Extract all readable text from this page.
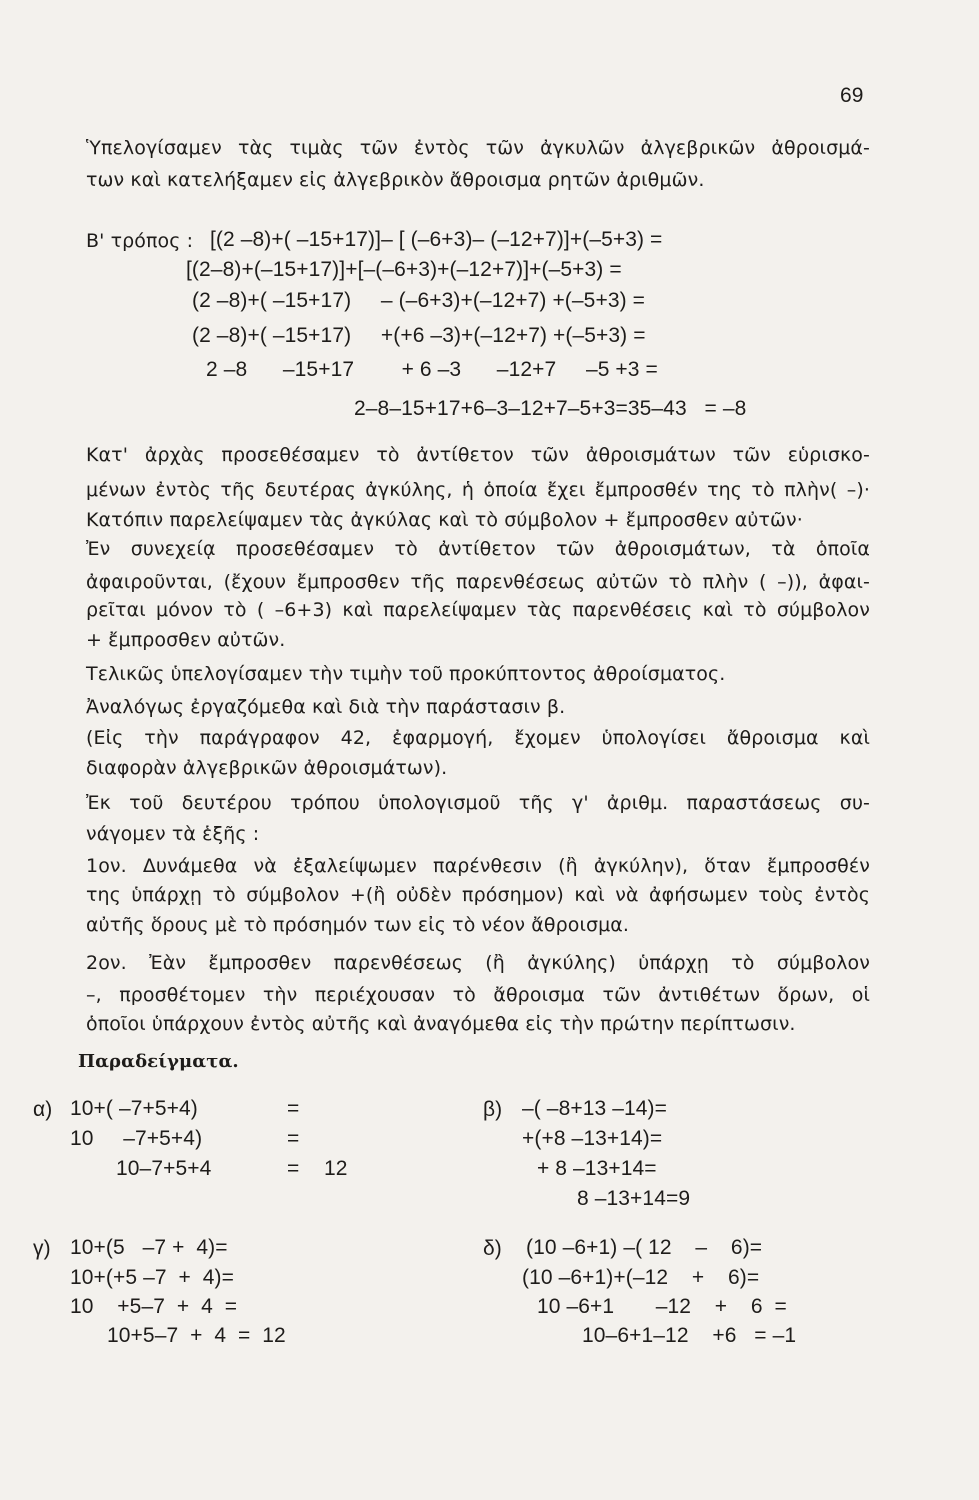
69
Ὑπελογίσαμεν τὰς τιμὰς τῶν ἐντὸς τῶν ἀγκυλῶν ἀλγεβρικῶν ἀθροισμά-
των καὶ κατελήξαμεν εἰς ἀλγεβρικὸν ἄθροισμα ρητῶν ἀριθμῶν.
Β' τρόπος : [(2 –8)+( –15+17)]– [ (–6+3)– (–12+7)]+(–5+3) =
[(2–8)+(–15+17)]+[–(–6+3)+(–12+7)]+(–5+3) =
(2 –8)+( –15+17)     – (–6+3)+(–12+7) +(–5+3) =
(2 –8)+( –15+17)     +(+6 –3)+(–12+7) +(–5+3) =
2 –8      –15+17        + 6 –3      –12+7     –5 +3 =
2–8–15+17+6–3–12+7–5+3=35–43   = –8
Κατ' ἀρχὰς προσεθέσαμεν τὸ ἀντίθετον τῶν ἀθροισμάτων τῶν εὑρισκο-
μένων ἐντὸς τῆς δευτέρας ἀγκύλης, ἡ ὁποία ἔχει ἔμπροσθέν της τὸ πλὴν( –)·
Κατόπιν παρελείψαμεν τὰς ἀγκύλας καὶ τὸ σύμβολον + ἔμπροσθεν αὐτῶν·
Ἐν συνεχείᾳ προσεθέσαμεν τὸ ἀντίθετον τῶν ἀθροισμάτων, τὰ ὁποῖα
ἀφαιροῦνται, (ἔχουν ἔμπροσθεν τῆς παρενθέσεως αὐτῶν τὸ πλὴν ( –)), ἀφαι-
ρεῖται μόνον τὸ ( –6+3) καὶ παρελείψαμεν τὰς παρενθέσεις καὶ τὸ σύμβολον
+ ἔμπροσθεν αὐτῶν.
Τελικῶς ὑπελογίσαμεν τὴν τιμὴν τοῦ προκύπτοντος ἀθροίσματος.
Ἀναλόγως ἐργαζόμεθα καὶ διὰ τὴν παράστασιν β.
(Εἰς τὴν παράγραφον 42, ἐφαρμογή, ἔχομεν ὑπολογίσει ἄθροισμα καὶ
διαφορὰν ἀλγεβρικῶν ἀθροισμάτων).
Ἐκ τοῦ δευτέρου τρόπου ὑπολογισμοῦ τῆς γ' ἀριθμ. παραστάσεως συ-
νάγομεν τὰ ἑξῆς :
1ον. Δυνάμεθα νὰ ἐξαλείψωμεν παρένθεσιν (ἢ ἀγκύλην), ὅταν ἔμπροσθέν
της ὑπάρχῃ τὸ σύμβολον +(ἢ οὐδὲν πρόσημον) καὶ νὰ ἀφήσωμεν τοὺς ἐντὸς
αὐτῆς ὅρους μὲ τὸ πρόσημόν των εἰς τὸ νέον ἄθροισμα.
2ον. Ἐὰν ἔμπροσθεν παρενθέσεως (ἢ ἀγκύλης) ὑπάρχῃ τὸ σύμβολον
–, προσθέτομεν τὴν περιέχουσαν τὸ ἄθροισμα τῶν ἀντιθέτων ὅρων, οἱ
ὁποῖοι ὑπάρχουν ἐντὸς αὐτῆς καὶ ἀναγόμεθα εἰς τὴν πρώτην περίπτωσιν.
Παραδείγματα.
α) 10+( –7+5+4)	=
10     –7+5+4)	=
10–7+5+4	= 12
β) –( –8+13 –14)=
+(+8 –13+14)=
+ 8 –13+14=
8 –13+14=9
γ) 10+(5   –7 +  4)=
10+(+5 –7  +  4)=
10    +5–7  +  4  =
10+5–7  +  4  =  12
δ) (10 –6+1) –( 12    –    6)=
(10 –6+1)+(–12    +    6)=
10 –6+1       –12    +    6  =
10–6+1–12    +6   = –1
